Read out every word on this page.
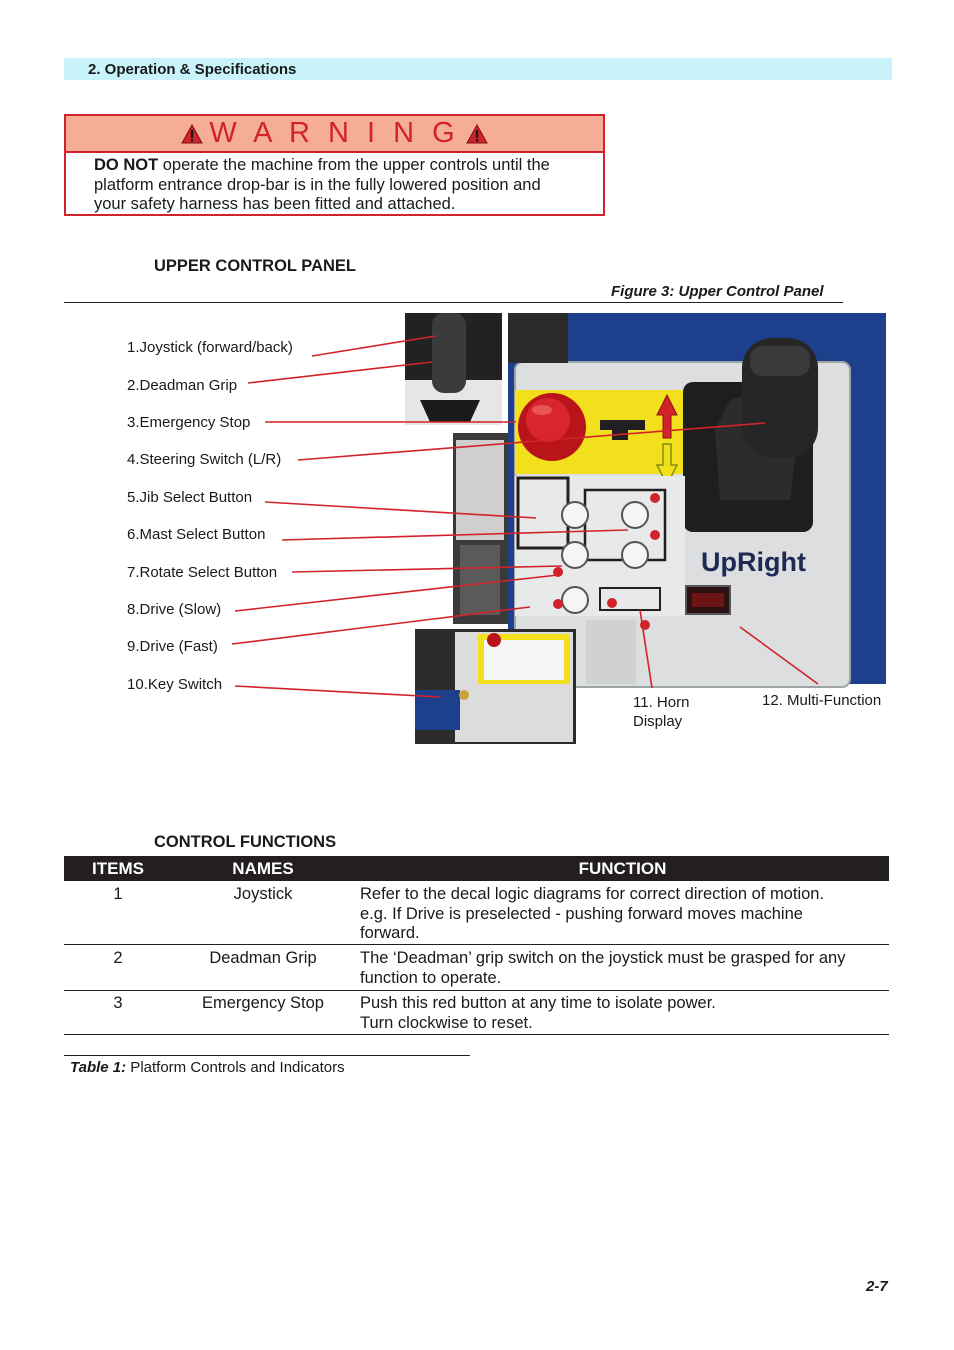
2. Operation & Specifications
W A R N I N G
DO NOT operate the machine from the upper controls until the
platform entrance drop-bar is in the fully lowered position and
your safety harness has been fitted and attached.
UPPER CONTROL PANEL
Figure 3: Upper Control Panel
UpRight
1.Joystick (forward/back)
2.Deadman Grip
3.Emergency Stop
4.Steering Switch (L/R)
5.Jib Select Button
6.Mast Select Button
7.Rotate Select Button
8.Drive (Slow)
9.Drive (Fast)
10.Key Switch
11. Horn
Display
12. Multi-Function
CONTROL FUNCTIONS
ITEMS	NAMES	FUNCTION
1	Joystick	Refer to the decal logic diagrams for correct direction of motion.
e.g. If Drive is preselected - pushing forward moves machine
forward.
2	Deadman Grip	The ‘Deadman’ grip switch on the joystick must be grasped for any
function to operate.
3	Emergency Stop	Push this red button at any time to isolate power.
Turn clockwise to reset.
Table 1: Platform Controls and Indicators
2-7
